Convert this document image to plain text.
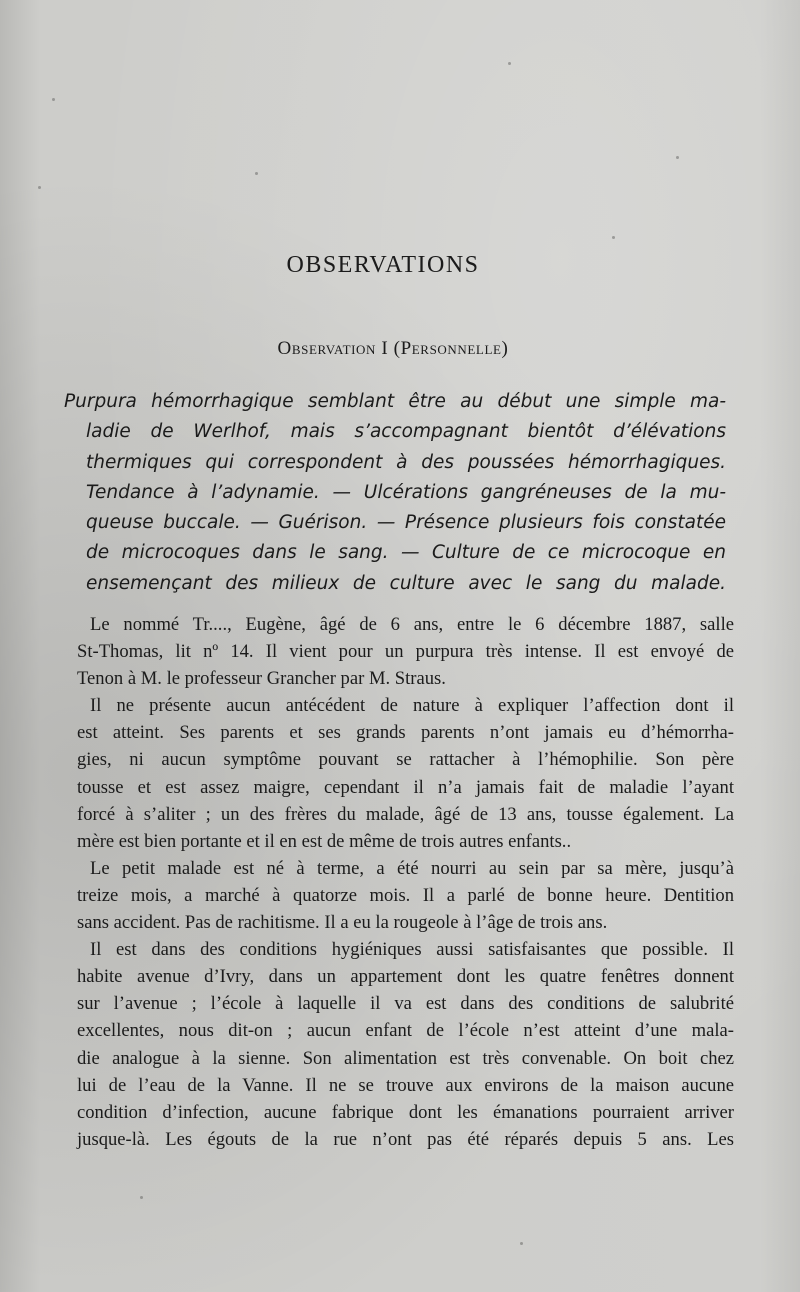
OBSERVATIONS
Observation I (Personnelle)
Purpura hémorrhagique semblant être au début une simple ma-
ladie de Werlhof, mais s’accompagnant bientôt d’élévations
thermiques qui correspondent à des poussées hémorrhagiques.
Tendance à l’adynamie. — Ulcérations gangréneuses de la mu-
queuse buccale. — Guérison. — Présence plusieurs fois constatée
de microcoques dans le sang. — Culture de ce microcoque en
ensemençant des milieux de culture avec le sang du malade.
Le nommé Tr...., Eugène, âgé de 6 ans, entre le 6 décembre 1887, salle
St-Thomas, lit nº 14. Il vient pour un purpura très intense. Il est envoyé de
Tenon à M. le professeur Grancher par M. Straus.
Il ne présente aucun antécédent de nature à expliquer l’affection dont il
est atteint. Ses parents et ses grands parents n’ont jamais eu d’hémorrha-
gies, ni aucun symptôme pouvant se rattacher à l’hémophilie. Son père
tousse et est assez maigre, cependant il n’a jamais fait de maladie l’ayant
forcé à s’aliter ; un des frères du malade, âgé de 13 ans, tousse également. La
mère est bien portante et il en est de même de trois autres enfants..
Le petit malade est né à terme, a été nourri au sein par sa mère, jusqu’à
treize mois, a marché à quatorze mois. Il a parlé de bonne heure. Dentition
sans accident. Pas de rachitisme. Il a eu la rougeole à l’âge de trois ans.
Il est dans des conditions hygiéniques aussi satisfaisantes que possible. Il
habite avenue d’Ivry, dans un appartement dont les quatre fenêtres donnent
sur l’avenue ; l’école à laquelle il va est dans des conditions de salubrité
excellentes, nous dit-on ; aucun enfant de l’école n’est atteint d’une mala-
die analogue à la sienne. Son alimentation est très convenable. On boit chez
lui de l’eau de la Vanne. Il ne se trouve aux environs de la maison aucune
condition d’infection, aucune fabrique dont les émanations pourraient arriver
jusque-là. Les égouts de la rue n’ont pas été réparés depuis 5 ans. Les
